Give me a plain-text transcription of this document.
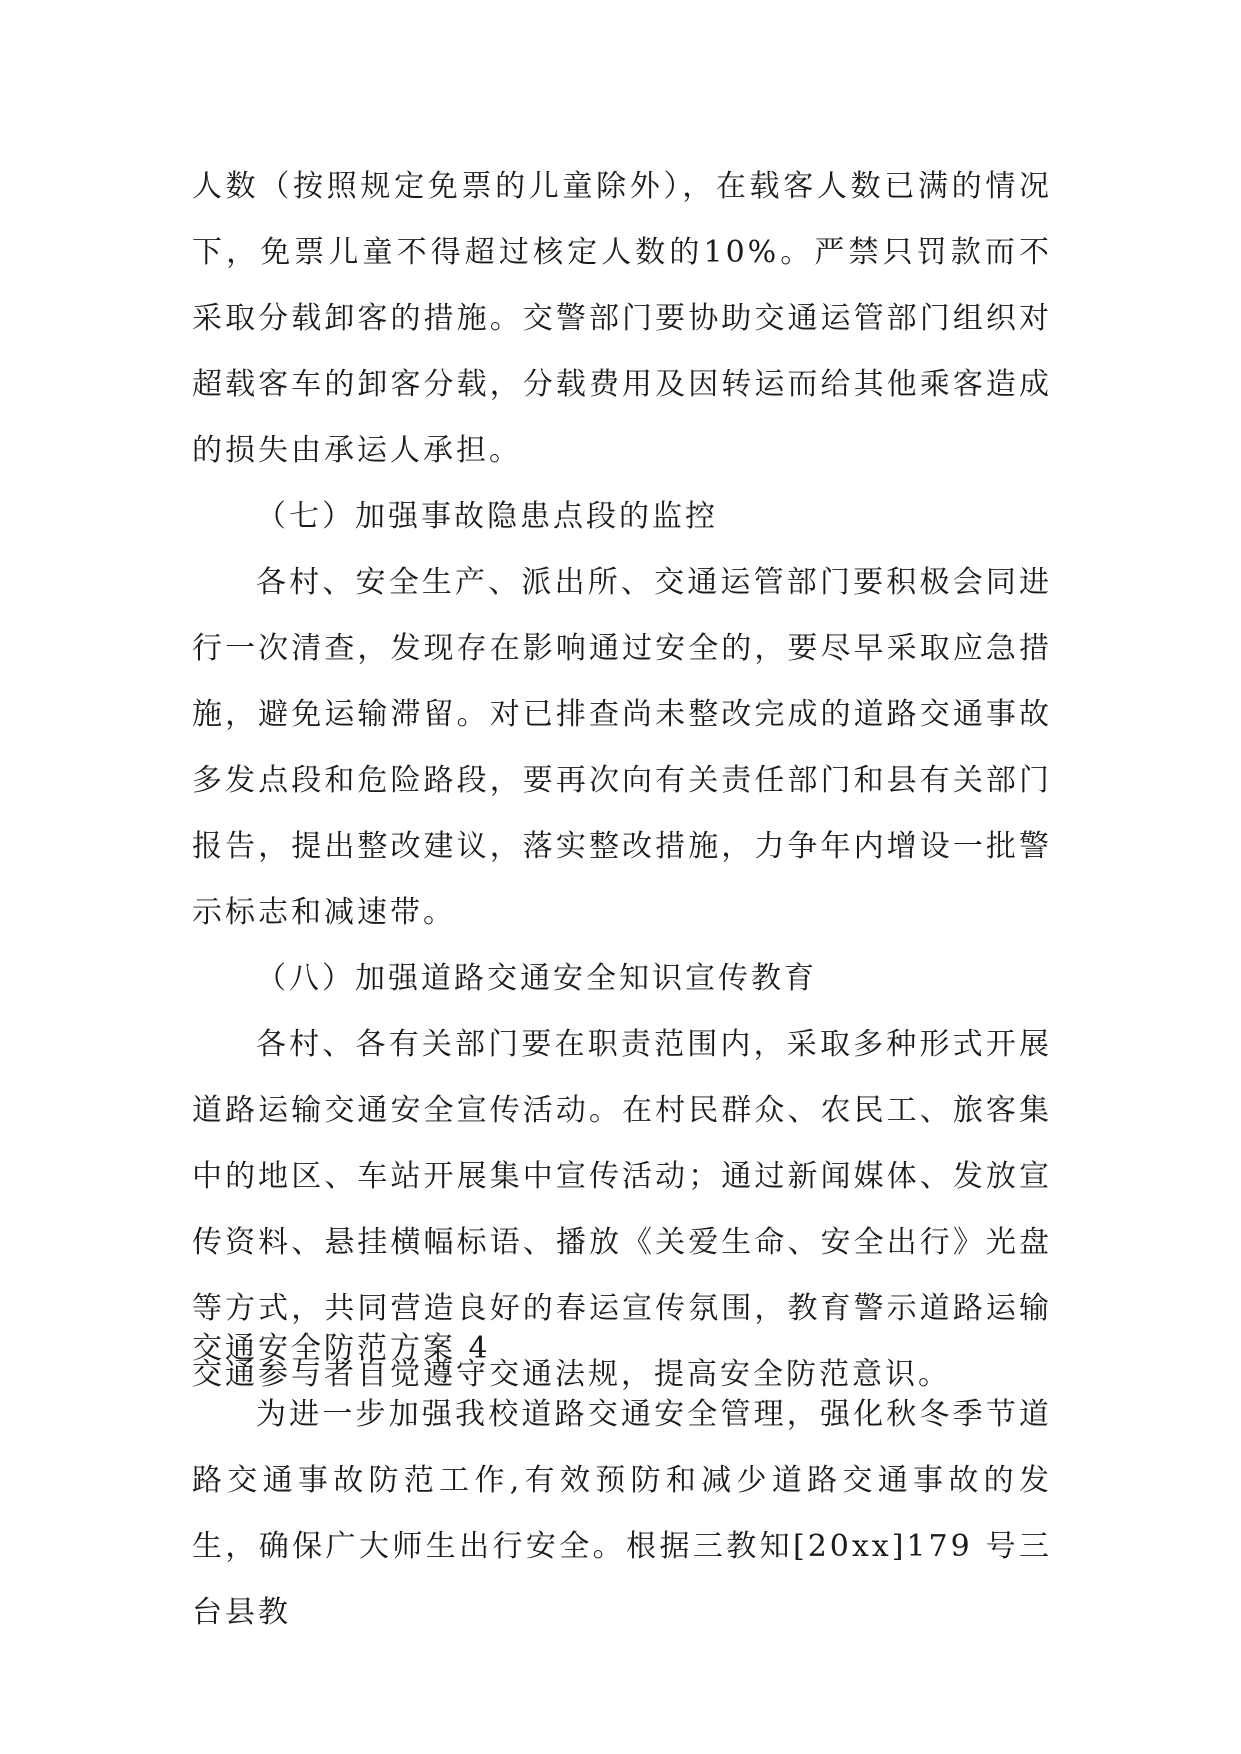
人数（按照规定免票的儿童除外），在载客人数已满的情况下，免票儿童不得超过核定人数的10%。严禁只罚款而不采取分载卸客的措施。交警部门要协助交通运管部门组织对超载客车的卸客分载，分载费用及因转运而给其他乘客造成的损失由承运人承担。

（七）加强事故隐患点段的监控

各村、安全生产、派出所、交通运管部门要积极会同进行一次清查，发现存在影响通过安全的，要尽早采取应急措施，避免运输滞留。对已排查尚未整改完成的道路交通事故多发点段和危险路段，要再次向有关责任部门和县有关部门报告，提出整改建议，落实整改措施，力争年内增设一批警示标志和减速带。

（八）加强道路交通安全知识宣传教育

各村、各有关部门要在职责范围内，采取多种形式开展道路运输交通安全宣传活动。在村民群众、农民工、旅客集中的地区、车站开展集中宣传活动；通过新闻媒体、发放宣传资料、悬挂横幅标语、播放《关爱生命、安全出行》光盘等方式，共同营造良好的春运宣传氛围，教育警示道路运输交通参与者自觉遵守交通法规，提高安全防范意识。

交通安全防范方案 4

为进一步加强我校道路交通安全管理，强化秋冬季节道路交通事故防范工作,有效预防和减少道路交通事故的发生，确保广大师生出行安全。根据三教知[20xx]179 号三台县教
